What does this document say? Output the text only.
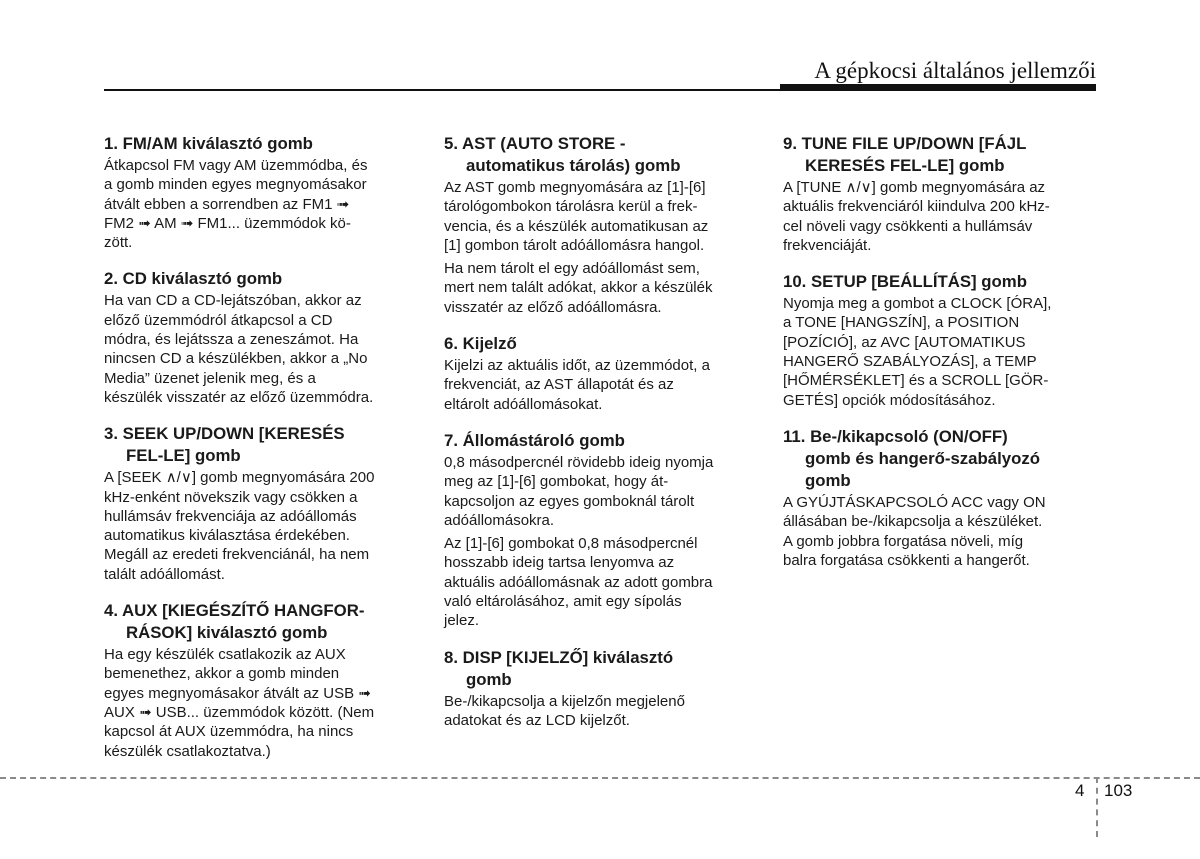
A gépkocsi általános jellemzői
1. FM/AM kiválasztó gomb
Átkapcsol FM vagy AM üzemmódba, és
a gomb minden egyes megnyomásakor
átvált ebben a sorrendben az FM1 ➟
FM2 ➟ AM ➟ FM1... üzemmódok kö-
zött.
2. CD kiválasztó gomb
Ha van CD a CD-lejátszóban, akkor az
előző üzemmódról átkapcsol a CD
módra, és lejátssza a zeneszámot. Ha
nincsen CD a készülékben, akkor a „No
Media” üzenet jelenik meg, és a
készülék visszatér az előző üzemmódra.
3. SEEK UP/DOWN [KERESÉS
FEL-LE] gomb
A [SEEK ∧/∨] gomb megnyomására 200
kHz-enként növekszik vagy csökken a
hullámsáv frekvenciája az adóállomás
automatikus kiválasztása érdekében.
Megáll az eredeti frekvenciánál, ha nem
talált adóállomást.
4. AUX [KIEGÉSZÍTŐ HANGFOR-
RÁSOK] kiválasztó gomb
Ha egy készülék csatlakozik az AUX
bemenethez, akkor a gomb minden
egyes megnyomásakor átvált az USB ➟
AUX ➟ USB... üzemmódok között. (Nem
kapcsol át AUX üzemmódra, ha nincs
készülék csatlakoztatva.)
5. AST (AUTO STORE -
automatikus tárolás) gomb
Az AST gomb megnyomására az [1]-[6]
tárológombokon tárolásra kerül a frek-
vencia, és a készülék automatikusan az
[1] gombon tárolt adóállomásra hangol.
Ha nem tárolt el egy adóállomást sem,
mert nem talált adókat, akkor a készülék
visszatér az előző adóállomásra.
6. Kijelző
Kijelzi az aktuális időt, az üzemmódot, a
frekvenciát, az AST állapotát és az
eltárolt adóállomásokat.
7. Állomástároló gomb
0,8 másodpercnél rövidebb ideig nyomja
meg az [1]-[6] gombokat, hogy át-
kapcsoljon az egyes gomboknál tárolt
adóállomásokra.
Az [1]-[6] gombokat 0,8 másodpercnél
hosszabb ideig tartsa lenyomva az
aktuális adóállomásnak az adott gombra
való eltárolásához, amit egy sípolás
jelez.
8. DISP [KIJELZŐ] kiválasztó
gomb
Be-/kikapcsolja a kijelzőn megjelenő
adatokat és az LCD kijelzőt.
9. TUNE FILE UP/DOWN [FÁJL
KERESÉS FEL-LE] gomb
A [TUNE ∧/∨] gomb megnyomására az
aktuális frekvenciáról kiindulva 200 kHz-
cel növeli vagy csökkenti a hullámsáv
frekvenciáját.
10. SETUP [BEÁLLÍTÁS] gomb
Nyomja meg a gombot a CLOCK [ÓRA],
a TONE [HANGSZÍN], a POSITION
[POZÍCIÓ], az AVC [AUTOMATIKUS
HANGERŐ SZABÁLYOZÁS], a TEMP
[HŐMÉRSÉKLET] és a SCROLL [GÖR-
GETÉS] opciók módosításához.
11. Be-/kikapcsoló (ON/OFF)
gomb és hangerő-szabályozó
gomb
A GYÚJTÁSKAPCSOLÓ ACC vagy ON
állásában be-/kikapcsolja a készüléket.
A gomb jobbra forgatása növeli, míg
balra forgatása csökkenti a hangerőt.
4 103
